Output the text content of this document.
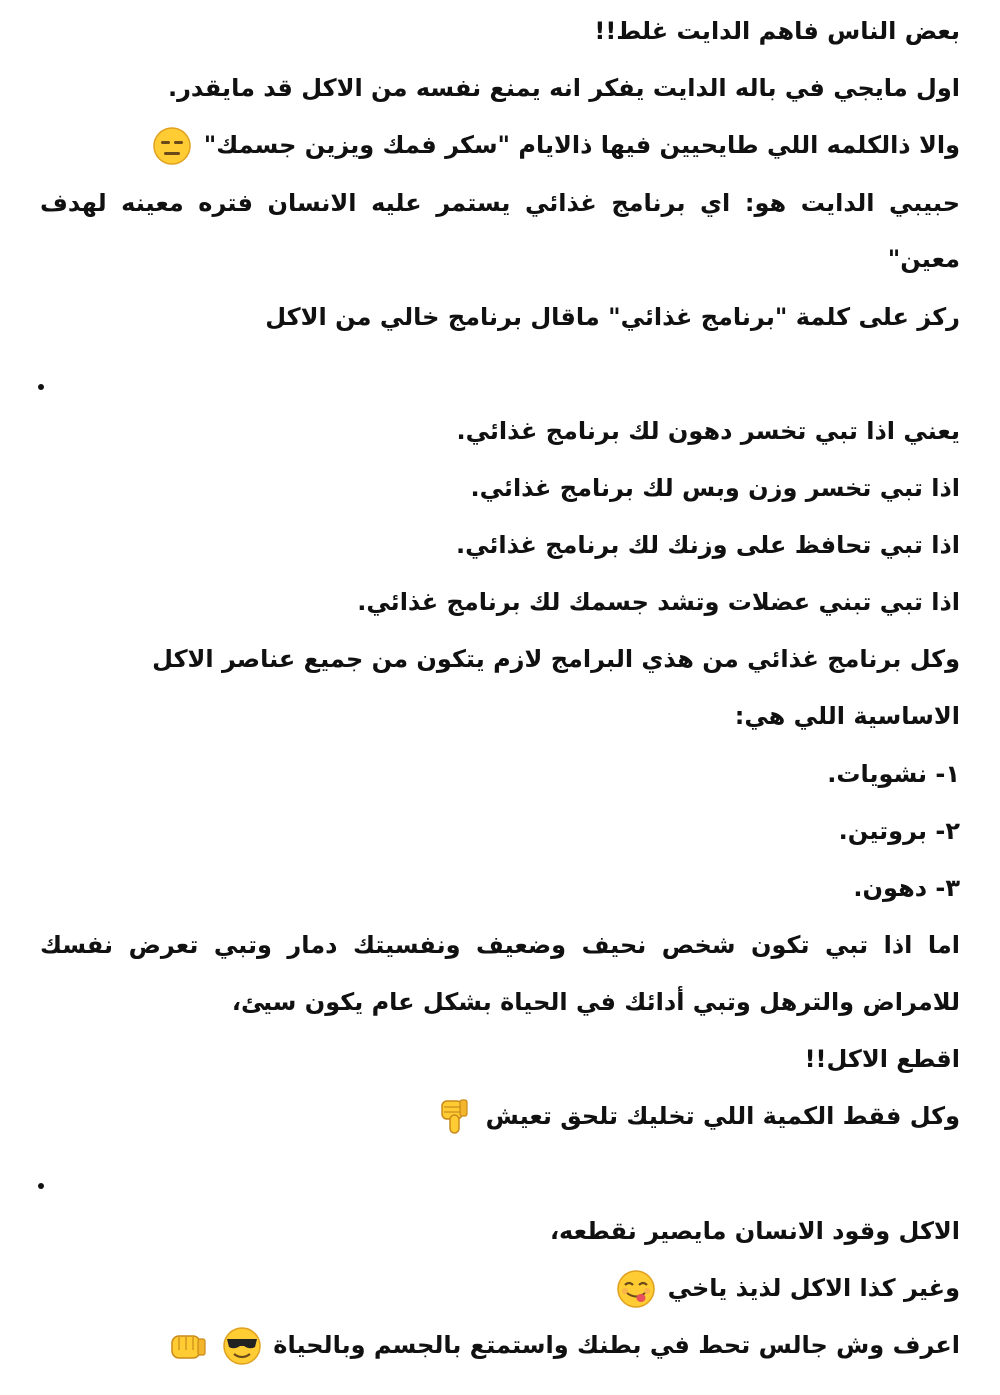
بعض الناس فاهم الدايت غلط!!
اول مايجي في باله الدايت يفكر انه يمنع نفسه من الاكل قد مايقدر.
والا ذالكلمه اللي طايحيين فيها ذالايام "سكر فمك ويزين جسمك"
حبيبي الدايت هو: اي برنامج غذائي يستمر عليه الانسان فتره معينه لهدف
معين"
ركز على كلمة "برنامج غذائي" ماقال برنامج خالي من الاكل
يعني اذا تبي تخسر دهون لك برنامج غذائي.
اذا تبي تخسر وزن وبس لك برنامج غذائي.
اذا تبي تحافظ على وزنك لك برنامج غذائي.
اذا تبي تبني عضلات وتشد جسمك لك برنامج غذائي.
وكل برنامج غذائي من هذي البرامج لازم يتكون من جميع عناصر الاكل
الاساسية اللي هي:
١- نشويات.
٢- بروتين.
٣- دهون.
اما اذا تبي تكون شخص نحيف وضعيف ونفسيتك دمار وتبي تعرض نفسك
للامراض والترهل وتبي أدائك في الحياة بشكل عام يكون سيئ،
اقطع الاكل!!
وكل فقط الكمية اللي تخليك تلحق تعيش
الاكل وقود الانسان مايصير نقطعه،
وغير كذا الاكل لذيذ ياخي
اعرف وش جالس تحط في بطنك واستمتع بالجسم وبالحياة
